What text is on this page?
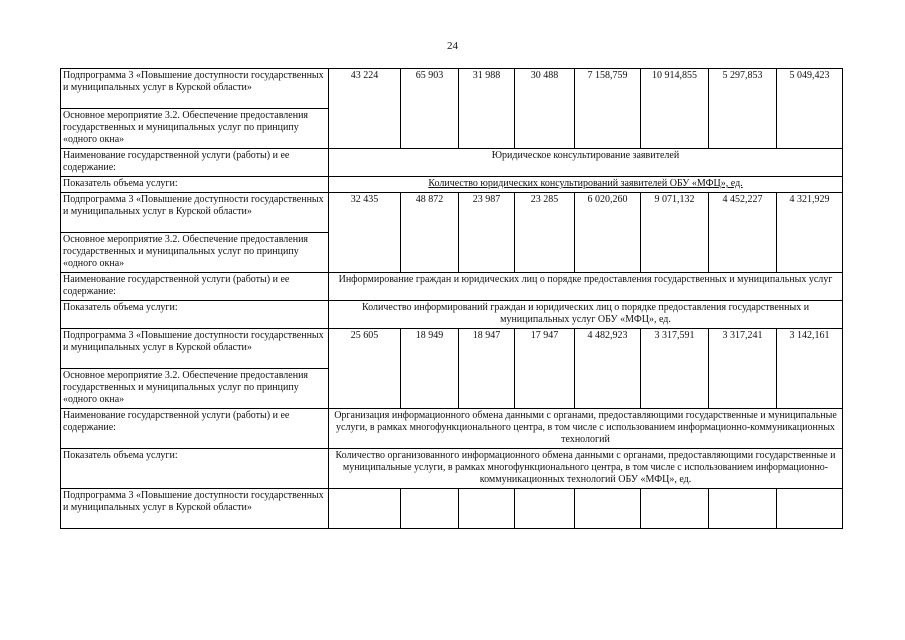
24
Подпрограмма 3 «Повышение доступности государственных и муниципальных услуг в Курской области»	43 224	65 903	31 988	30 488	7 158,759	10 914,855	5 297,853	5 049,423
Основное мероприятие 3.2. Обеспечение предоставления государственных и муниципальных услуг по принципу «одного окна»								
Наименование государственной услуги (работы) и ее содержание:	Юридическое консультирование заявителей							
Показатель объема услуги:	Количество юридических консультирований заявителей ОБУ «МФЦ», ед.							
Подпрограмма 3 «Повышение доступности государственных и муниципальных услуг в Курской области»	32 435	48 872	23 987	23 285	6 020,260	9 071,132	4 452,227	4 321,929
Основное мероприятие 3.2. Обеспечение предоставления государственных и муниципальных услуг по принципу «одного окна»								
Наименование государственной услуги (работы) и ее содержание:	Информирование граждан и юридических лиц о порядке предоставления государственных и муниципальных услуг							
Показатель объема услуги:	Количество информирований граждан и юридических лиц о порядке предоставления государственных и муниципальных услуг ОБУ «МФЦ», ед.							
Подпрограмма 3 «Повышение доступности государственных и муниципальных услуг в Курской области»	25 605	18 949	18 947	17 947	4 482,923	3 317,591	3 317,241	3 142,161
Основное мероприятие 3.2. Обеспечение предоставления государственных и муниципальных услуг по принципу «одного окна»								
Наименование государственной услуги (работы) и ее содержание:	Организация информационного обмена данными с органами, предоставляющими государственные и муниципальные услуги, в рамках многофункционального центра, в том числе с использованием информационно-коммуникационных технологий							
Показатель объема услуги:	Количество организованного информационного обмена данными с органами, предоставляющими государственные и муниципальные услуги, в рамках многофункционального центра, в том числе с использованием информационно-коммуникационных технологий ОБУ «МФЦ», ед.							
Подпрограмма 3 «Повышение доступности государственных и муниципальных услуг в Курской области»								
